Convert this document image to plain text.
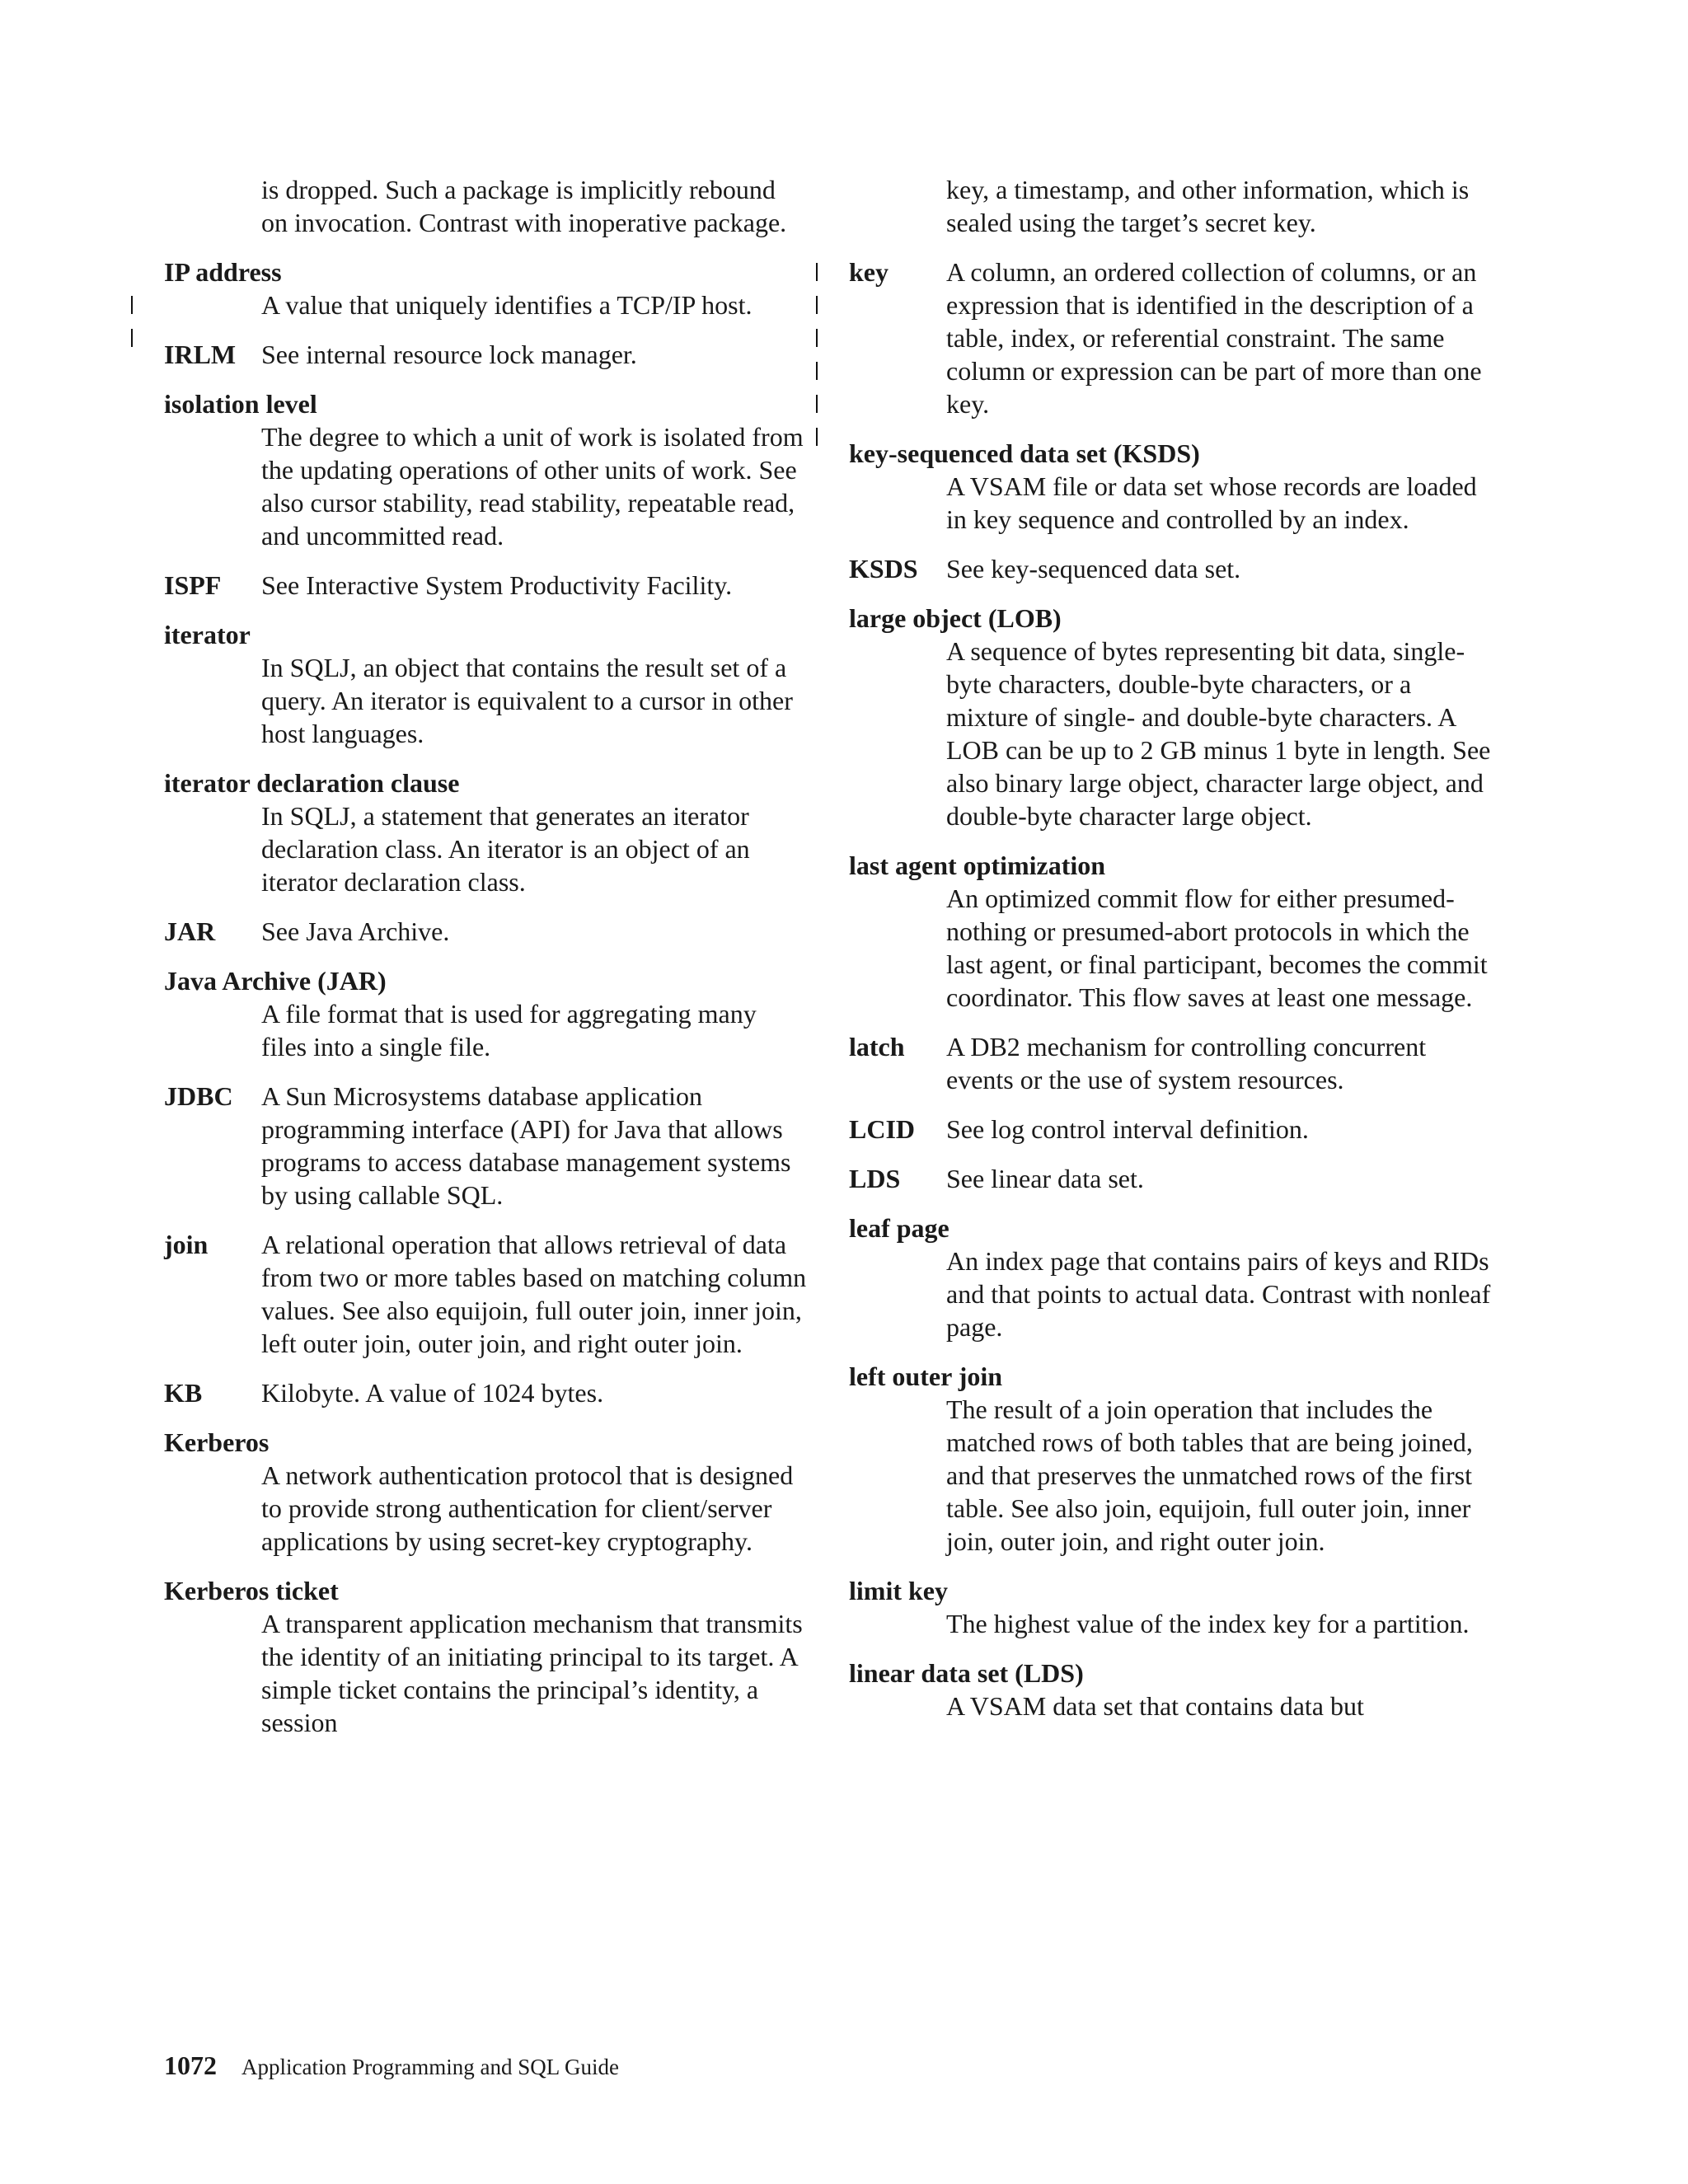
is dropped. Such a package is implicitly rebound on invocation. Contrast with inoperative package.
IP address
A value that uniquely identifies a TCP/IP host.
IRLM See internal resource lock manager.
isolation level
The degree to which a unit of work is isolated from the updating operations of other units of work. See also cursor stability, read stability, repeatable read, and uncommitted read.
ISPF See Interactive System Productivity Facility.
iterator
In SQLJ, an object that contains the result set of a query. An iterator is equivalent to a cursor in other host languages.
iterator declaration clause
In SQLJ, a statement that generates an iterator declaration class. An iterator is an object of an iterator declaration class.
JAR See Java Archive.
Java Archive (JAR)
A file format that is used for aggregating many files into a single file.
JDBC A Sun Microsystems database application programming interface (API) for Java that allows programs to access database management systems by using callable SQL.
join A relational operation that allows retrieval of data from two or more tables based on matching column values. See also equijoin, full outer join, inner join, left outer join, outer join, and right outer join.
KB Kilobyte. A value of 1024 bytes.
Kerberos
A network authentication protocol that is designed to provide strong authentication for client/server applications by using secret-key cryptography.
Kerberos ticket
A transparent application mechanism that transmits the identity of an initiating principal to its target. A simple ticket contains the principal’s identity, a session
key, a timestamp, and other information, which is sealed using the target’s secret key.
key A column, an ordered collection of columns, or an expression that is identified in the description of a table, index, or referential constraint. The same column or expression can be part of more than one key.
key-sequenced data set (KSDS)
A VSAM file or data set whose records are loaded in key sequence and controlled by an index.
KSDS See key-sequenced data set.
large object (LOB)
A sequence of bytes representing bit data, single-byte characters, double-byte characters, or a mixture of single- and double-byte characters. A LOB can be up to 2 GB minus 1 byte in length. See also binary large object, character large object, and double-byte character large object.
last agent optimization
An optimized commit flow for either presumed-nothing or presumed-abort protocols in which the last agent, or final participant, becomes the commit coordinator. This flow saves at least one message.
latch A DB2 mechanism for controlling concurrent events or the use of system resources.
LCID See log control interval definition.
LDS See linear data set.
leaf page
An index page that contains pairs of keys and RIDs and that points to actual data. Contrast with nonleaf page.
left outer join
The result of a join operation that includes the matched rows of both tables that are being joined, and that preserves the unmatched rows of the first table. See also join, equijoin, full outer join, inner join, outer join, and right outer join.
limit key
The highest value of the index key for a partition.
linear data set (LDS)
A VSAM data set that contains data but
1072 Application Programming and SQL Guide
